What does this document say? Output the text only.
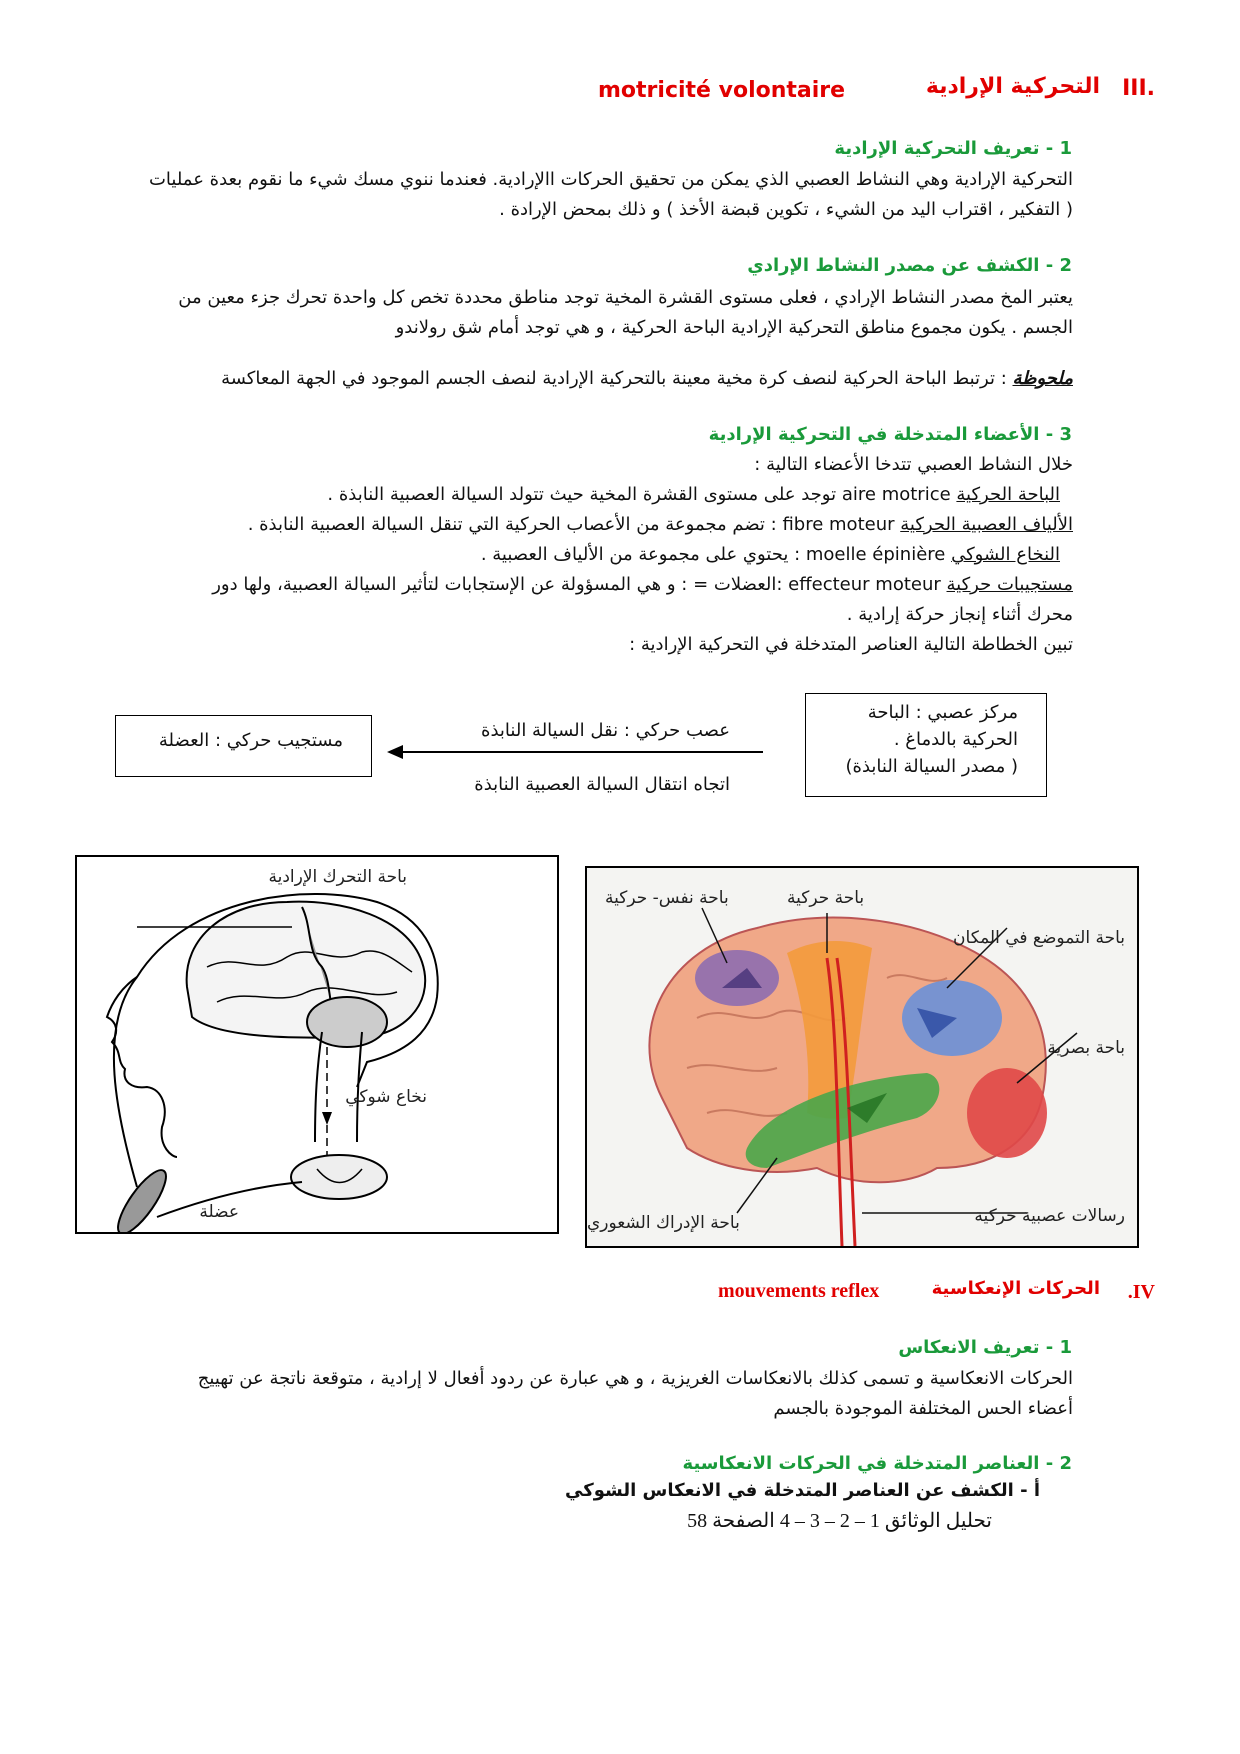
III.
التحركية الإرادية
motricité volontaire
1 - تعريف التحركية الإرادية
التحركية الإرادية وهي النشاط العصبي الذي يمكن من تحقيق الحركات االإرادية. فعندما ننوي مسك شيء ما نقوم بعدة عمليات
( التفكير ، اقتراب اليد من الشيء ، تكوين قبضة الأخذ ) و ذلك بمحض الإرادة .
2 - الكشف عن مصدر النشاط الإرادي
يعتبر المخ مصدر النشاط الإرادي ، فعلى مستوى القشرة المخية توجد مناطق محددة تخص كل واحدة تحرك جزء معين من
الجسم . يكون مجموع مناطق التحركية الإرادية الباحة الحركية ، و هي توجد أمام شق رولاندو
ملحوظة : ترتبط الباحة الحركية لنصف كرة مخية معينة بالتحركية الإرادية لنصف الجسم الموجود في الجهة المعاكسة
3 - الأعضاء المتدخلة في التحركية الإرادية
خلال النشاط العصبي تتدخا الأعضاء التالية :
الباحة الحركية aire motrice توجد على مستوى القشرة المخية حيث تتولد السيالة العصبية النابذة .
الألياف العصبية الحركية fibre moteur : تضم مجموعة من الأعصاب الحركية التي تنقل السيالة العصبية النابذة .
النخاع الشوكي moelle épinière : يحتوي على مجموعة من الألياف العصبية .
مستجيبات حركية = العضلات: effecteur moteur : و هي المسؤولة عن الإستجابات لتأثير السيالة العصبية، ولها دور
محرك أثناء إنجاز حركة إرادية .
تبين الخطاطة التالية العناصر المتدخلة في التحركية الإرادية :
مركز عصبي : الباحة
الحركية بالدماغ .
( مصدر السيالة النابذة)
عصب حركي : نقل السيالة النابذة
اتجاه انتقال السيالة العصبية النابذة
مستجيب حركي : العضلة
باحة التحرك الإرادية
نخاع شوكي
عضلة
باحة نفس- حركية	باحة حركية
باحة التموضع في المكان
باحة بصرية
باحة الإدراك الشعوري	رسالات عصبية حركية
.IV
الحركات الإنعكاسية
mouvements reflex
1 - تعريف الانعكاس
الحركات الانعكاسية و تسمى كذلك بالانعكاسات الغريزية ، و هي عبارة عن ردود أفعال لا إرادية ، متوقعة ناتجة عن تهييج
أعضاء الحس المختلفة الموجودة بالجسم
2 - العناصر المتدخلة في الحركات الانعكاسية
أ - الكشف عن العناصر المتدخلة في الانعكاس الشوكي
تحليل الوثائق 1 – 2 – 3 – 4 الصفحة 58
